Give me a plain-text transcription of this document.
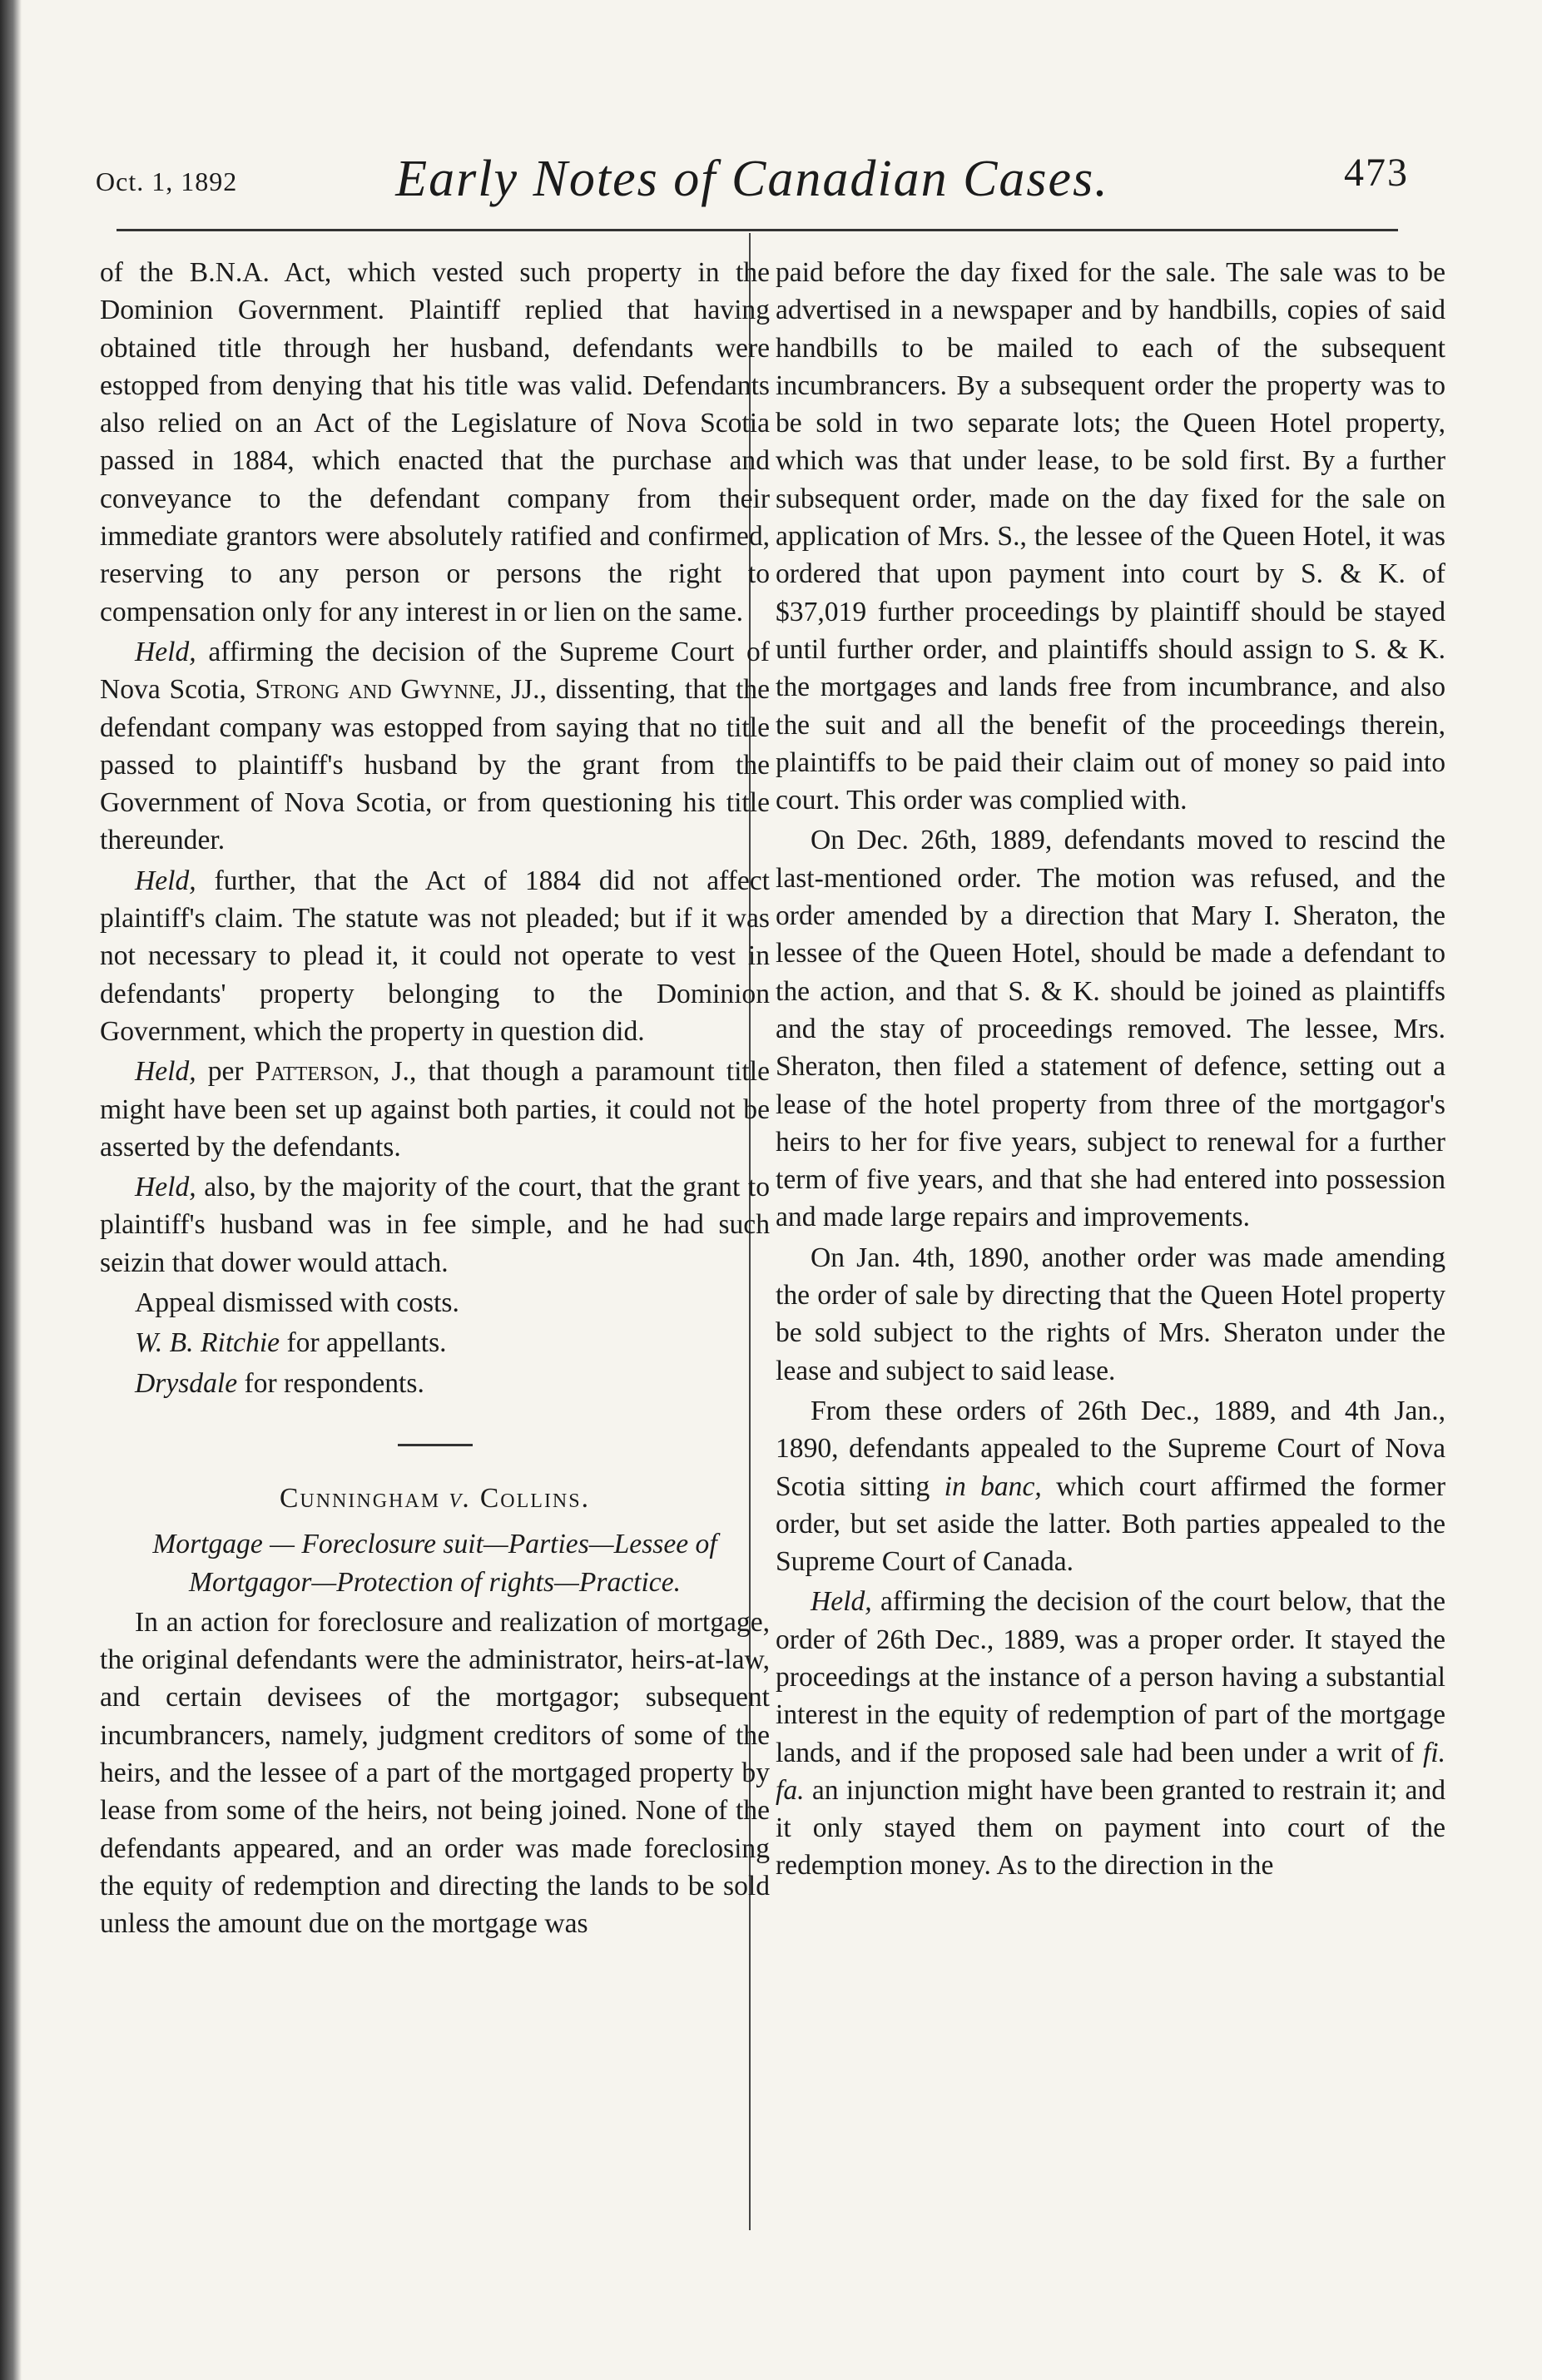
Oct. 1, 1892	Early Notes of Canadian Cases.	473

of the B.N.A. Act, which vested such property in the Dominion Government. Plaintiff replied that having obtained title through her husband, defendants were estopped from denying that his title was valid. Defendants also relied on an Act of the Legislature of Nova Scotia passed in 1884, which enacted that the purchase and conveyance to the defendant company from their immediate grantors were absolutely ratified and confirmed, reserving to any person or persons the right to compensation only for any interest in or lien on the same.

Held, affirming the decision of the Supreme Court of Nova Scotia, Strong and Gwynne, JJ., dissenting, that the defendant company was estopped from saying that no title passed to plaintiff's husband by the grant from the Government of Nova Scotia, or from questioning his title thereunder.

Held, further, that the Act of 1884 did not affect plaintiff's claim. The statute was not pleaded; but if it was not necessary to plead it, it could not operate to vest in defendants' property belonging to the Dominion Government, which the property in question did.

Held, per Patterson, J., that though a paramount title might have been set up against both parties, it could not be asserted by the defendants.

Held, also, by the majority of the court, that the grant to plaintiff's husband was in fee simple, and he had such seizin that dower would attach.

Appeal dismissed with costs.

W. B. Ritchie for appellants.

Drysdale for respondents.

Cunningham v. Collins.

Mortgage — Foreclosure suit—Parties—Lessee of Mortgagor—Protection of rights—Practice.

In an action for foreclosure and realization of mortgage, the original defendants were the administrator, heirs-at-law, and certain devisees of the mortgagor; subsequent incumbrancers, namely, judgment creditors of some of the heirs, and the lessee of a part of the mortgaged property by lease from some of the heirs, not being joined. None of the defendants appeared, and an order was made foreclosing the equity of redemption and directing the lands to be sold unless the amount due on the mortgage was

paid before the day fixed for the sale. The sale was to be advertised in a newspaper and by handbills, copies of said handbills to be mailed to each of the subsequent incumbrancers. By a subsequent order the property was to be sold in two separate lots; the Queen Hotel property, which was that under lease, to be sold first. By a further subsequent order, made on the day fixed for the sale on application of Mrs. S., the lessee of the Queen Hotel, it was ordered that upon payment into court by S. & K. of $37,019 further proceedings by plaintiff should be stayed until further order, and plaintiffs should assign to S. & K. the mortgages and lands free from incumbrance, and also the suit and all the benefit of the proceedings therein, plaintiffs to be paid their claim out of money so paid into court. This order was complied with.

On Dec. 26th, 1889, defendants moved to rescind the last-mentioned order. The motion was refused, and the order amended by a direction that Mary I. Sheraton, the lessee of the Queen Hotel, should be made a defendant to the action, and that S. & K. should be joined as plaintiffs and the stay of proceedings removed. The lessee, Mrs. Sheraton, then filed a statement of defence, setting out a lease of the hotel property from three of the mortgagor's heirs to her for five years, subject to renewal for a further term of five years, and that she had entered into possession and made large repairs and improvements.

On Jan. 4th, 1890, another order was made amending the order of sale by directing that the Queen Hotel property be sold subject to the rights of Mrs. Sheraton under the lease and subject to said lease.

From these orders of 26th Dec., 1889, and 4th Jan., 1890, defendants appealed to the Supreme Court of Nova Scotia sitting in banc, which court affirmed the former order, but set aside the latter. Both parties appealed to the Supreme Court of Canada.

Held, affirming the decision of the court below, that the order of 26th Dec., 1889, was a proper order. It stayed the proceedings at the instance of a person having a substantial interest in the equity of redemption of part of the mortgage lands, and if the proposed sale had been under a writ of fi. fa. an injunction might have been granted to restrain it; and it only stayed them on payment into court of the redemption money. As to the direction in the
